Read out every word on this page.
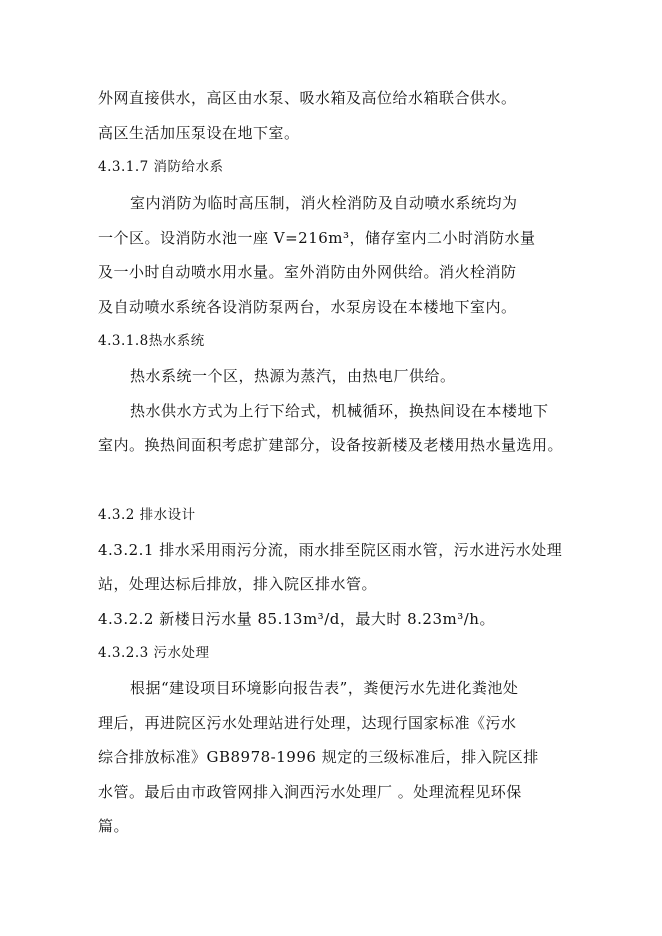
外网直接供水，高区由水泵、吸水箱及高位给水箱联合供水。
高区生活加压泵设在地下室。
4.3.1.7 消防给水系
室内消防为临时高压制，消火栓消防及自动喷水系统均为
一个区。设消防水池一座 V=216m³，储存室内二小时消防水量
及一小时自动喷水用水量。室外消防由外网供给。消火栓消防
及自动喷水系统各设消防泵两台，水泵房设在本楼地下室内。
4.3.1.8热水系统
热水系统一个区，热源为蒸汽，由热电厂供给。
热水供水方式为上行下给式，机械循环，换热间设在本楼地下
室内。换热间面积考虑扩建部分，设备按新楼及老楼用热水量选用。
4.3.2 排水设计
4.3.2.1 排水采用雨污分流，雨水排至院区雨水管，污水进污水处理
站，处理达标后排放，排入院区排水管。
4.3.2.2 新楼日污水量 85.13m³/d，最大时 8.23m³/h。
4.3.2.3 污水处理
根据“建设项目环境影向报告表”，粪便污水先进化粪池处
理后，再进院区污水处理站进行处理，达现行国家标准《污水
综合排放标准》GB8978-1996 规定的三级标准后，排入院区排
水管。最后由市政管网排入涧西污水处理厂 。处理流程见环保
篇。
